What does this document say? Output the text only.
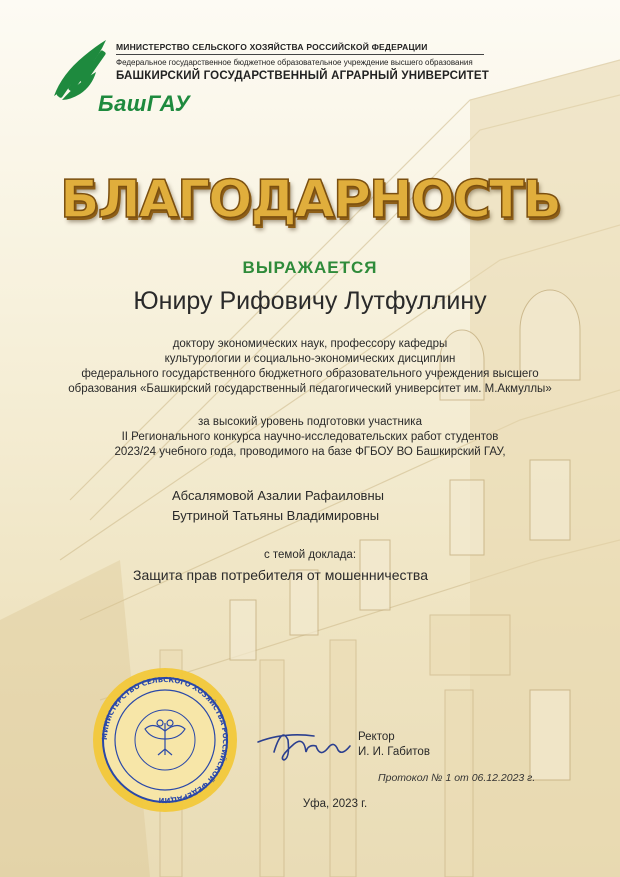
МИНИСТЕРСТВО СЕЛЬСКОГО ХОЗЯЙСТВА РОССИЙСКОЙ ФЕДЕРАЦИИ
Федеральное государственное бюджетное образовательное учреждение высшего образования
БАШКИРСКИЙ ГОСУДАРСТВЕННЫЙ АГРАРНЫЙ УНИВЕРСИТЕТ
БашГАУ
БЛАГОДАРНОСТЬ
ВЫРАЖАЕТСЯ
Юниру Рифовичу Лутфуллину
доктору экономических наук, профессору кафедры
культурологии и социально-экономических дисциплин
федерального государственного бюджетного образовательного учреждения высшего
образования «Башкирский государственный педагогический университет им. М.Акмуллы»
за высокий уровень подготовки участника
II Регионального конкурса научно-исследовательских работ студентов
2023/24 учебного года, проводимого на базе ФГБОУ ВО Башкирский ГАУ,
Абсалямовой Азалии Рафаиловны
Бутриной Татьяны Владимировны
с темой доклада:
Защита прав потребителя от мошенничества
МИНИСТЕРСТВО СЕЛЬСКОГО ХОЗЯЙСТВА РОССИЙСКОЙ ФЕДЕРАЦИИ
Ректор
И. И. Габитов
Протокол № 1 от 06.12.2023 г.
Уфа, 2023 г.
